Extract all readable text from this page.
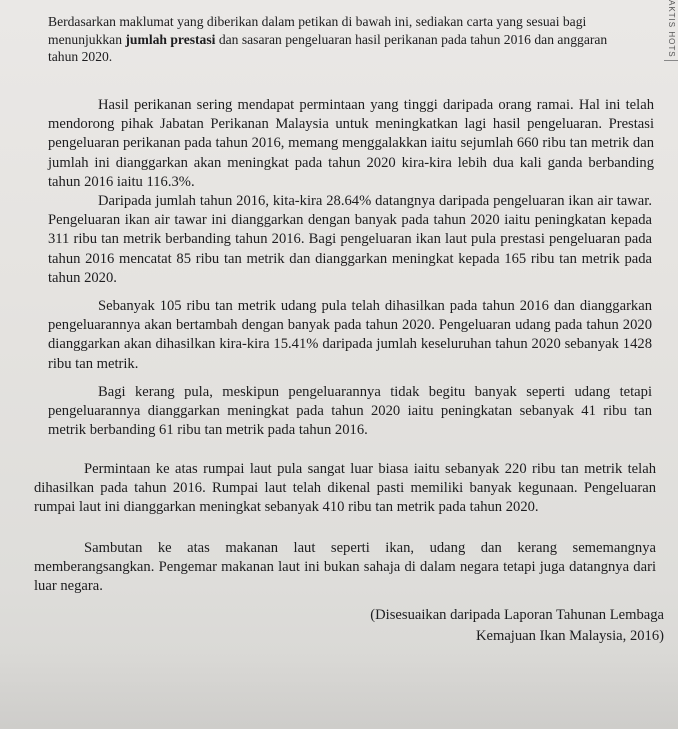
Berdasarkan maklumat yang diberikan dalam petikan di bawah ini, sediakan carta yang sesuai bagi menunjukkan jumlah prestasi dan sasaran pengeluaran hasil perikanan pada tahun 2016 dan anggaran tahun 2020.

Hasil perikanan sering mendapat permintaan yang tinggi daripada orang ramai. Hal ini telah mendorong pihak Jabatan Perikanan Malaysia untuk meningkatkan lagi hasil pengeluaran. Prestasi pengeluaran perikanan pada tahun 2016, memang menggalakkan iaitu sejumlah 660 ribu tan metrik dan jumlah ini dianggarkan akan meningkat pada tahun 2020 kira-kira lebih dua kali ganda berbanding tahun 2016 iaitu 116.3%.

Daripada jumlah tahun 2016, kita-kira 28.64% datangnya daripada pengeluaran ikan air tawar. Pengeluaran ikan air tawar ini dianggarkan dengan banyak pada tahun 2020 iaitu peningkatan kepada 311 ribu tan metrik berbanding tahun 2016. Bagi pengeluaran ikan laut pula prestasi pengeluaran pada tahun 2016 mencatat 85 ribu tan metrik dan dianggarkan meningkat kepada 165 ribu tan metrik pada tahun 2020.

Sebanyak 105 ribu tan metrik udang pula telah dihasilkan pada tahun 2016 dan dianggarkan pengeluarannya akan bertambah dengan banyak pada tahun 2020. Pengeluaran udang pada tahun 2020 dianggarkan akan dihasilkan kira-kira 15.41% daripada jumlah keseluruhan tahun 2020 sebanyak 1428 ribu tan metrik.

Bagi kerang pula, meskipun pengeluarannya tidak begitu banyak seperti udang tetapi pengeluarannya dianggarkan meningkat pada tahun 2020 iaitu peningkatan sebanyak 41 ribu tan metrik berbanding 61 ribu tan metrik pada tahun 2016.

Permintaan ke atas rumpai laut pula sangat luar biasa iaitu sebanyak 220 ribu tan metrik telah dihasilkan pada tahun 2016. Rumpai laut telah dikenal pasti memiliki banyak kegunaan. Pengeluaran rumpai laut ini dianggarkan meningkat sebanyak 410 ribu tan metrik pada tahun 2020.

Sambutan ke atas makanan laut seperti ikan, udang dan kerang sememangnya memberangsangkan. Pengemar makanan laut ini bukan sahaja di dalam negara tetapi juga datangnya dari luar negara.

(Disesuaikan daripada Laporan Tahunan Lembaga
Kemajuan Ikan Malaysia, 2016)
AKTIS HOTS
